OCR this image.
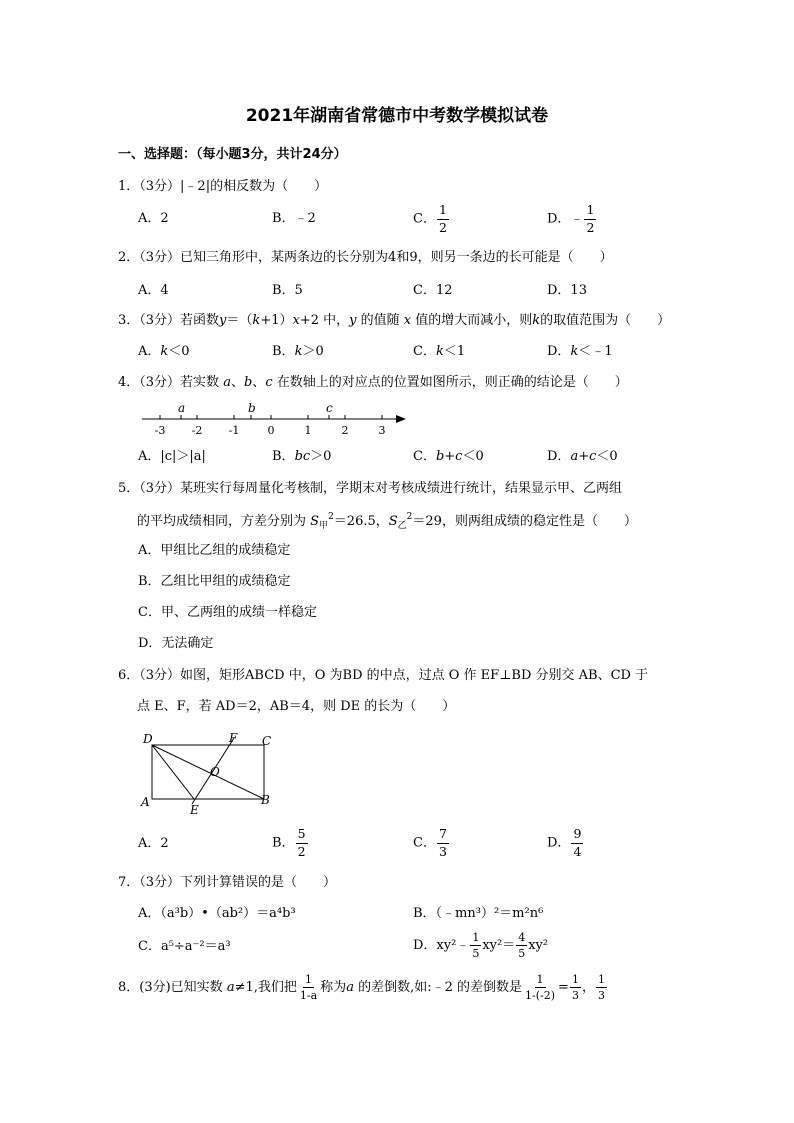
2021年湖南省常德市中考数学模拟试卷
一、选择题：（每小题3分，共计24分）
1．（3分）|﹣2|的相反数为（　　）
A．2	B．﹣2	C． $\frac{1}{2}$	D．﹣ $\frac{1}{2}$
2．（3分）已知三角形中，某两条边的长分别为4和9，则另一条边的长可能是（　　）
A．4	B．5	C．12	D．13
3．（3分）若函数y＝（k+1）x+2 中，y 的值随 x 值的增大而减小，则k的取值范围为（　　）
A．k＜0	B．k＞0	C．k＜1	D．k＜﹣1
4．（3分）若实数 a、b、c 在数轴上的对应点的位置如图所示，则正确的结论是（　　）
-3 -2 -1	0	1	2	3
a	b	c
A．|c|＞|a|	B．bc＞0	C．b+c＜0	D．a+c＜0
5．（3分）某班实行每周量化考核制，学期末对考核成绩进行统计，结果显示甲、乙两组
的平均成绩相同，方差分别为 $S_甲^2=26.5$，$S_乙^2=29$，则两组成绩的稳定性是（　　）
A．甲组比乙组的成绩稳定
B．乙组比甲组的成绩稳定
C．甲、乙两组的成绩一样稳定
D．无法确定
6．（3分）如图，矩形ABCD 中，O 为BD 的中点，过点 O 作 EF⊥BD 分别交 AB、CD 于
点 E、F，若 AD＝2，AB＝4，则 DE 的长为（　　）
D	F C
O
A
E
B
A．2	B． $\frac{5}{2}$	C． $\frac{7}{3}$	D． $\frac{9}{4}$
7．（3分）下列计算错误的是（　　）
A．（a³b）•（ab²）＝a⁴b³	B．（﹣mn³）²＝m²n⁶
C．a⁵÷a⁻²＝a³	D．xy²﹣ $\frac{1}{5} xy^2= \frac{4}{5} xy^2$
8．(3分)已知实数 a≠1,我们把 $\frac{1}{1-a}$ 称为a 的差倒数,如:﹣2 的差倒数是 $\frac{1}{1-(-2)} = \frac{1}{3}$ ， $\frac{1}{3}$
